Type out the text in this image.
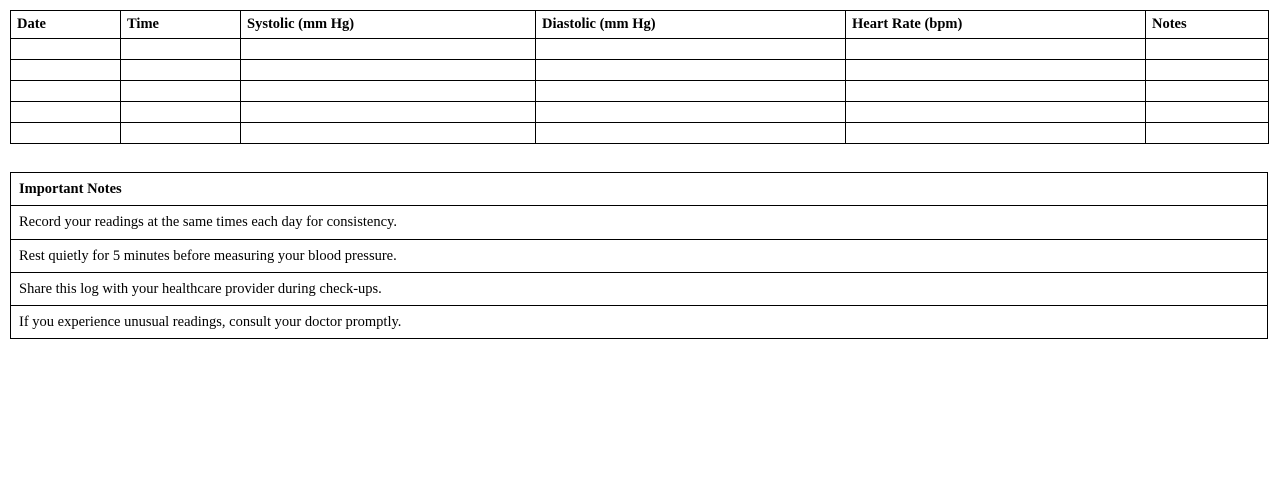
Date	Time	Systolic (mm Hg)	Diastolic (mm Hg)	Heart Rate (bpm)	Notes

Important Notes
Record your readings at the same times each day for consistency.
Rest quietly for 5 minutes before measuring your blood pressure.
Share this log with your healthcare provider during check-ups.
If you experience unusual readings, consult your doctor promptly.
